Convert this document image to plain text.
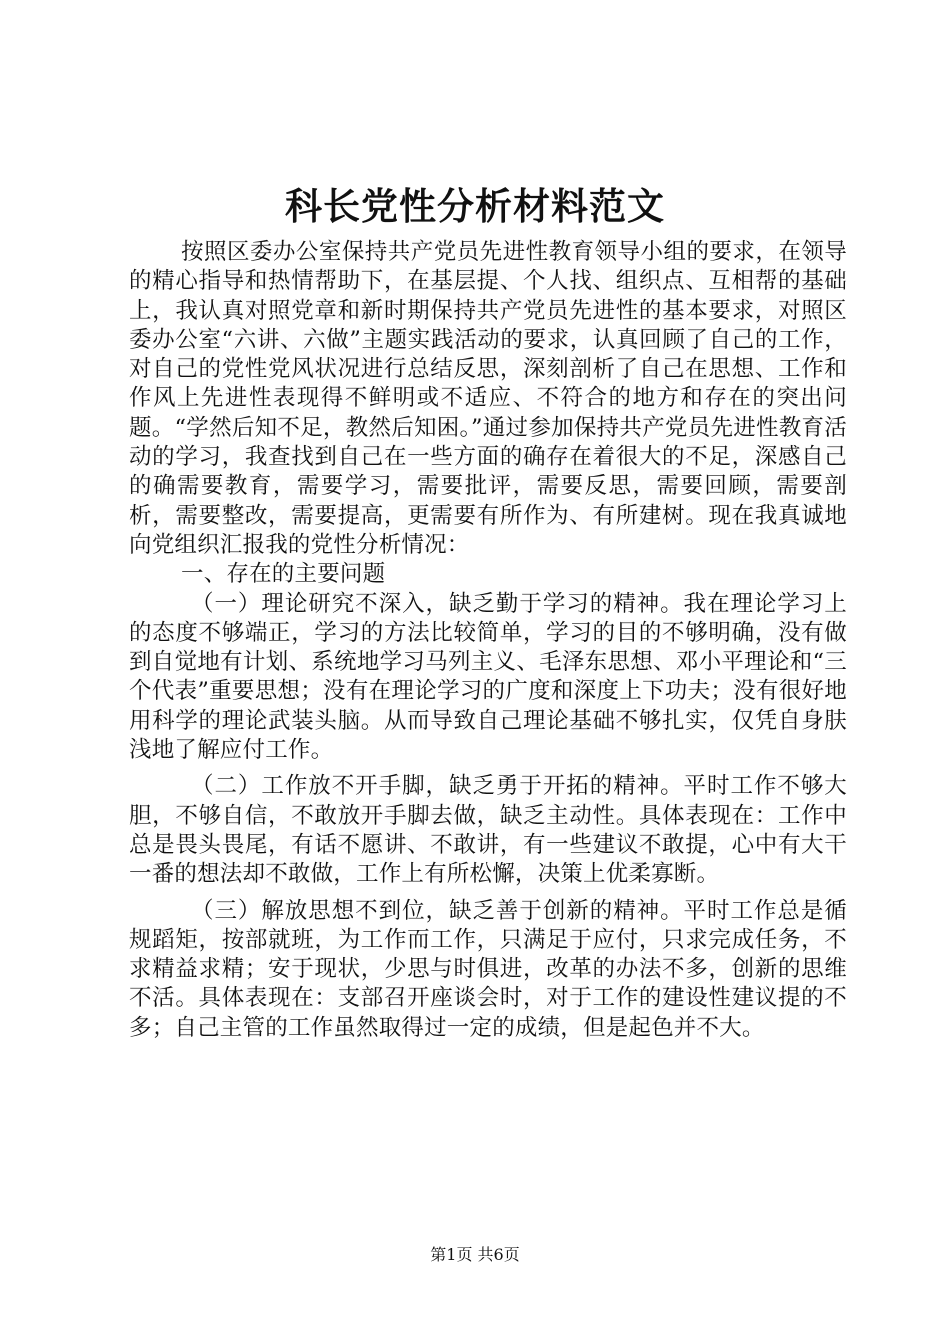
科长党性分析材料范文

按照区委办公室保持共产党员先进性教育领导小组的要求，在领导的精心指导和热情帮助下，在基层提、个人找、组织点、互相帮的基础上，我认真对照党章和新时期保持共产党员先进性的基本要求，对照区委办公室“六讲、六做”主题实践活动的要求，认真回顾了自己的工作，对自己的党性党风状况进行总结反思，深刻剖析了自己在思想、工作和作风上先进性表现得不鲜明或不适应、不符合的地方和存在的突出问题。“学然后知不足，教然后知困。”通过参加保持共产党员先进性教育活动的学习，我查找到自己在一些方面的确存在着很大的不足，深感自己的确需要教育，需要学习，需要批评，需要反思，需要回顾，需要剖析，需要整改，需要提高，更需要有所作为、有所建树。现在我真诚地向党组织汇报我的党性分析情况：

一、存在的主要问题

（一）理论研究不深入，缺乏勤于学习的精神。我在理论学习上的态度不够端正，学习的方法比较简单，学习的目的不够明确，没有做到自觉地有计划、系统地学习马列主义、毛泽东思想、邓小平理论和“三个代表”重要思想；没有在理论学习的广度和深度上下功夫；没有很好地用科学的理论武装头脑。从而导致自己理论基础不够扎实，仅凭自身肤浅地了解应付工作。

（二）工作放不开手脚，缺乏勇于开拓的精神。平时工作不够大胆，不够自信，不敢放开手脚去做，缺乏主动性。具体表现在：工作中总是畏头畏尾，有话不愿讲、不敢讲，有一些建议不敢提，心中有大干一番的想法却不敢做，工作上有所松懈，决策上优柔寡断。

（三）解放思想不到位，缺乏善于创新的精神。平时工作总是循规蹈矩，按部就班，为工作而工作，只满足于应付，只求完成任务，不求精益求精；安于现状，少思与时俱进，改革的办法不多，创新的思维不活。具体表现在：支部召开座谈会时，对于工作的建设性建议提的不多；自己主管的工作虽然取得过一定的成绩，但是起色并不大。

第1页 共6页
